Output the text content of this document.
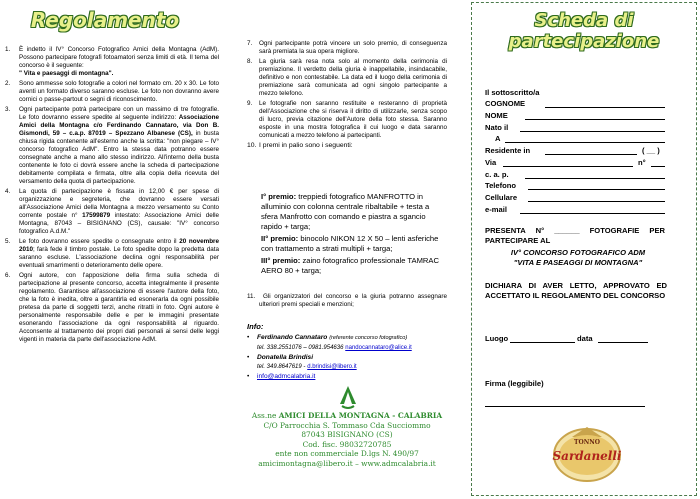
Regolamento
1. È indetto il IV° Concorso Fotografico Amici della Montagna (AdM). Possono partecipare fotografi fotoamatori senza limiti di età. Il tema del concorso è il seguente:
" Vita e paesaggi di montagna".
2. Sono ammesse solo fotografie a colori nel formato cm. 20 x 30. Le foto aventi un formato diverso saranno escluse. Le foto non dovranno avere cornici o passe-partout o segni di riconoscimento.
3. Ogni partecipante potrà partecipare con un massimo di tre fotografie. Le foto dovranno essere spedite al seguente indirizzo: Associazione Amici della Montagna c/o Ferdinando Cannataro, via Don B. Gismondi, 59 – c.a.p. 87019 – Spezzano Albanese (CS), in busta chiusa rigida contenente all'esterno anche la scritta: "non piegare – IV° concorso fotografico AdM". Entro la stessa data potranno essere consegnate anche a mano allo stesso indirizzo. All'interno della busta contenente le foto ci dovrà essere anche la scheda di partecipazione debitamente compilata e firmata, oltre alla copia della ricevuta del versamento della quota di partecipazione.
4. La quota di partecipazione è fissata in 12,00 € per spese di organizzazione e segreteria, che dovranno essere versati all'Associazione Amici della Montagna a mezzo versamento su Conto corrente postale n° 17599879 intestato: Associazione Amici delle Montagna, 87043 – BISIGNANO (CS), causale: "IV° concorso fotografico A.d.M."
5. Le foto dovranno essere spedite o consegnate entro il 20 novembre 2010; farà fede il timbro postale. Le foto spedite dopo la predetta data saranno escluse. L'associazione declina ogni responsabilità per eventuali smarrimenti o deterioramento delle opere.
6. Ogni autore, con l'apposizione della firma sulla scheda di partecipazione al presente concorso, accetta integralmente il presente regolamento. Garantisce all'associazione di essere l'autore della foto, che la foto è inedita, oltre a garantirla ed esonerarla da ogni possibile pretesa da parte di soggetti terzi, anche ritratti in foto. Ogni autore è personalmente responsabile delle e per le immagini presentate esonerando l'associazione da ogni responsabilità al riguardo. Acconsente al trattamento dei propri dati personali ai sensi delle leggi vigenti in materia da parte dell'associazione AdM.
7. Ogni partecipante potrà vincere un solo premio, di conseguenza sarà premiata la sua opera migliore.
8. La giuria sarà resa nota solo al momento della cerimonia di premiazione. Il verdetto della giuria è inappellabile, insindacabile, definitivo e non contestabile. La data ed il luogo della cerimonia di premiazione sarà comunicata ad ogni singolo partecipante a mezzo telefono.
9. Le fotografie non saranno restituite e resteranno di proprietà dell'Associazione che si riserva il diritto di utilizzarle, senza scopo di lucro, previa citazione dell'Autore della foto stessa. Saranno esposte in una mostra fotografica il cui luogo e data saranno comunicati a mezzo telefono ai partecipanti.
10. I premi in palio sono i seguenti:
I° premio: treppiedi fotografico MANFROTTO in alluminio con colonna centrale ribaltabile + testa a sfera Manfrotto con comando e piastra a sgancio rapido + targa;
II° premio: binocolo NIKON 12 X 50 – lenti asferiche con trattamento a strati multipli + targa;
III° premio: zaino fotografico professionale TAMRAC AERO 80 + targa;
11. Gli organizzatori del concorso e la giuria potranno assegnare ulteriori premi speciali e menzioni;
Info:
• Ferdinando Cannataro (referente concorso fotografico)
tel. 338.2551076 – 0981.954636 nandocannataro@alice.it
• Donatella Brindisi
tel. 349.8647619 - d.brindisi@libero.it
• info@admcalabria.it
Ass.ne AMICI DELLA MONTAGNA - CALABRIA
C/O Parrocchia S. Tommaso Cda Succiommo
87043 BISIGNANO (CS)
Cod. fisc. 98032720785
ente non commerciale D.lgs N. 490/97
amicimontagna@libero.it – www.admcalabria.it
Scheda di
partecipazione
Il sottoscritto/a
COGNOME
NOME
Nato il
A
Residente in	( __ )
Via	n°
c. a. p.
Telefono
Cellulare
e-mail
PRESENTA N° ______ FOTOGRAFIE PER PARTECIPARE AL
IV° CONCORSO FOTOGRAFICO ADM
"VITA E PASEAGGI DI MONTAGNA"
DICHIARA DI AVER LETTO, APPROVATO ED ACCETTATO IL REGOLAMENTO DEL CONCORSO
Luogo	data
Firma (leggibile)
TONNO
Sardanelli
